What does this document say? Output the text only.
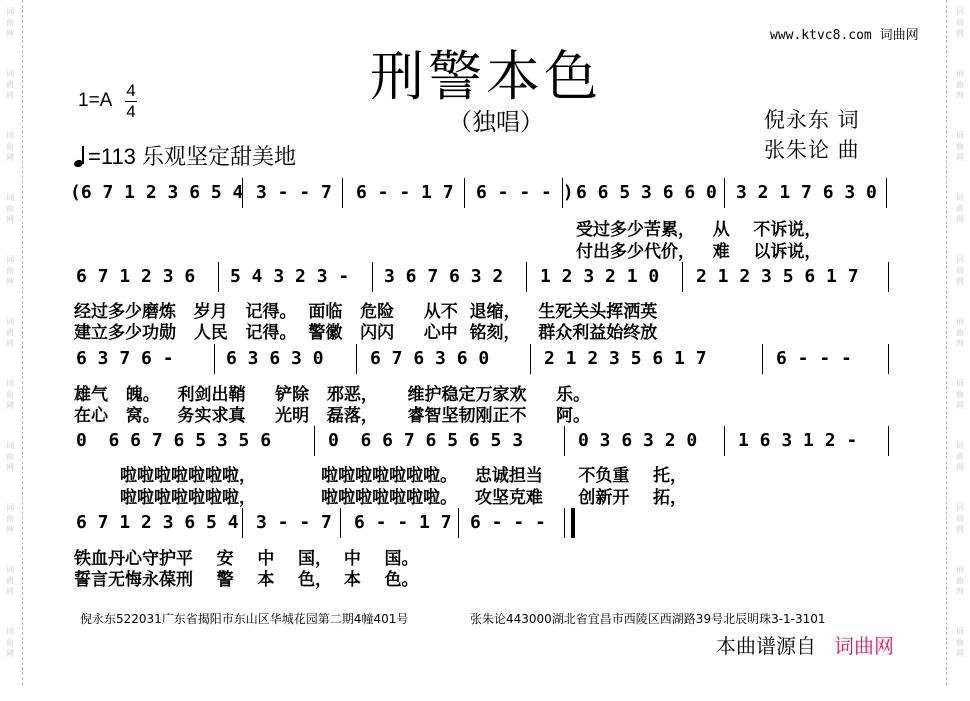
词
曲
网
词
曲
网
词
曲
网
词
曲
网
词
曲
网
词
曲
网
词
曲
网
词
曲
网
词
曲
网
词
曲
网
词
曲
网
词
曲
网
词
曲
网
词
曲
网
词
曲
网
词
曲
网
词
曲
网
词
曲
网
词
曲
网
词
曲
网
词
曲
网
词
曲
网
www.ktvc8.com 词曲网
刑警本色
（独唱）
1=A 4
4
=113 乐观坚定甜美地
倪永东 词
张朱论 曲

(6 7 1 2 3 6 5 4

3 - - 7

6 - - 1 7

6 - - - )

6 6 5 3 6 6 0

3 2 1 7 6 3 0

受过多少苦累，   从    不诉说，
付出多少代价，   难    以诉说，

6 7 1 2 3 6

5 4 3 2 3 -

3 6 7 6 3 2

1 2 3 2 1 0

2 1 2 3 5 6 1 7

经过多少磨炼   岁月   记得。  面临   危险     从不  退缩，   生死关头挥洒英
建立多少功勋   人民   记得。  警徽   闪闪     心中  铭刻，   群众利益始终放

6 3 7 6 -

	6 3 6 3 0

	6 7 6 3 6 0

	2 1 2 3 5 6 1 7

	6 - - -

雄气   魄。   利剑出鞘     铲除   邪恶，     维护稳定万家欢     乐。
在心   窝。   务实求真     光明   磊落，     睿智坚韧刚正不     阿。

0  6 6 7 6 5 3 5 6

	0  6 6 7 6 5 6 5 3

	0 3 6 3 2 0

1 6 3 1 2 -

啦啦啦啦啦啦啦，           啦啦啦啦啦啦啦。   忠诚担当      不负重    托，
啦啦啦啦啦啦啦，           啦啦啦啦啦啦啦。   攻坚克难      创新开    拓，

6 7 1 2 3 6 5 4

3 - - 7

6 - - 1 7

6 - - -

铁血丹心守护平    安    中    国，  中    国。
誓言无悔永葆刑    警    本    色，  本    色。
倪永东522031广东省揭阳市东山区华城花园第二期4幢401号	张朱论443000湖北省宜昌市西陵区西湖路39号北辰明珠3-1-3101
本曲谱源自 词曲网
